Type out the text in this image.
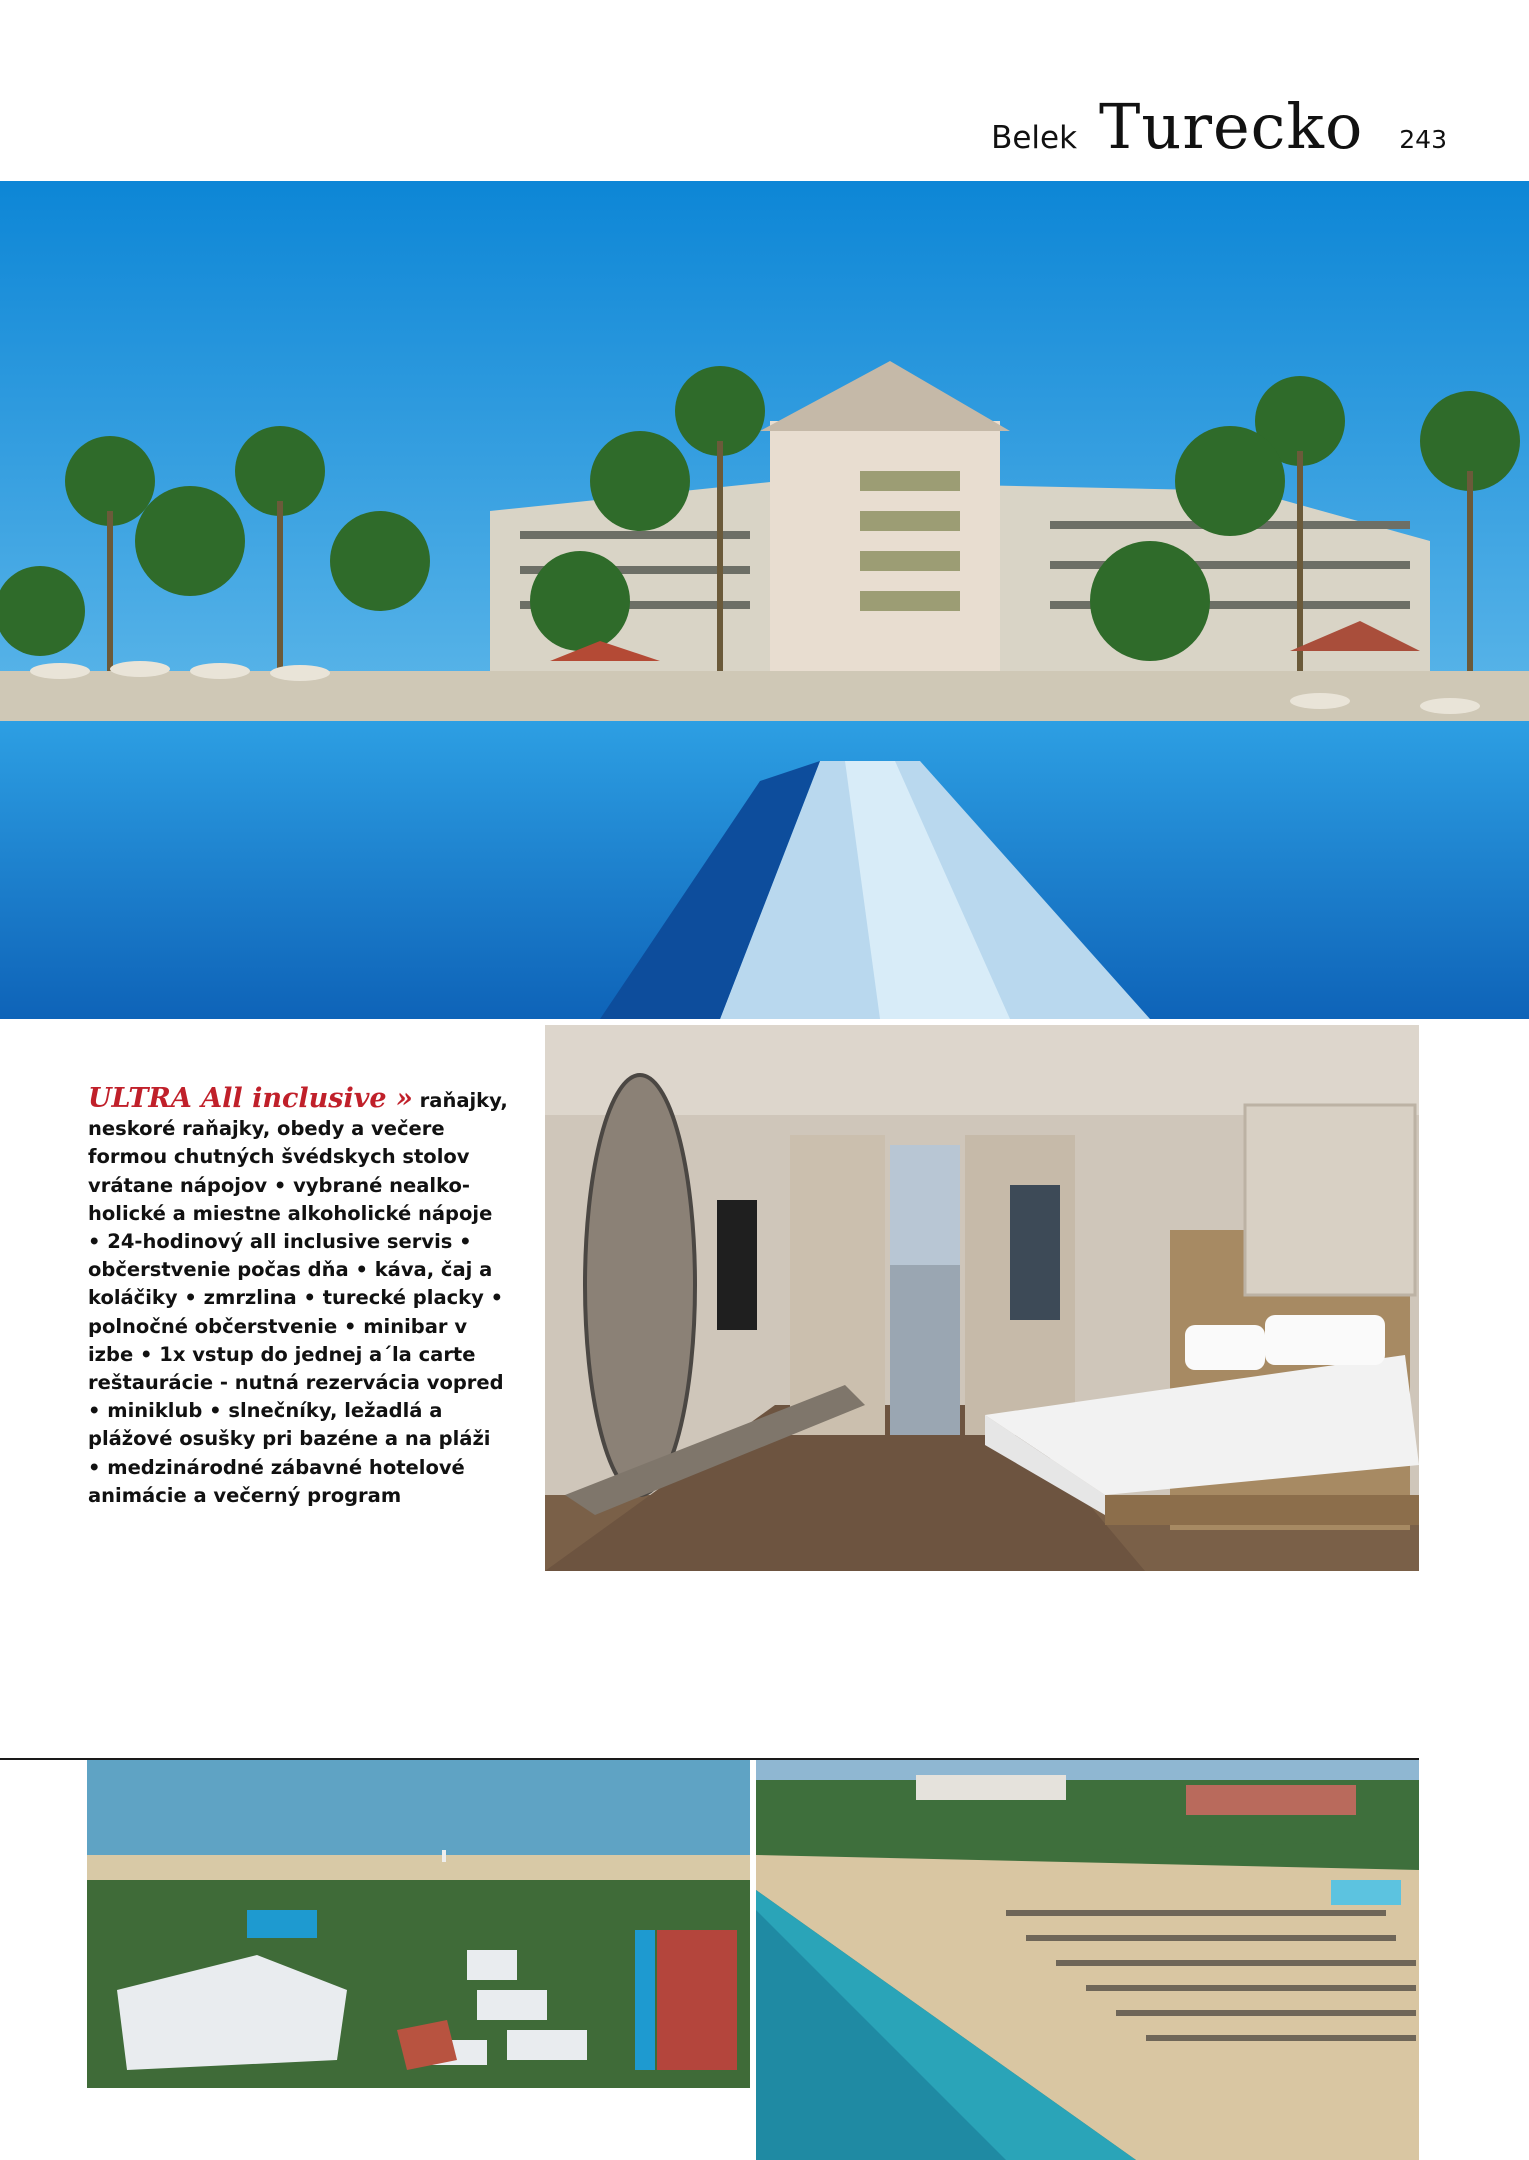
Belek Turecko 243
ULTRA All inclusive » raňajky, neskoré raňajky, obedy a večere formou chutných švédskych stolov vrátane nápojov • vybrané nealko-holické a miestne alkoholické nápoje • 24-hodinový all inclusive servis • občerstvenie počas dňa • káva, čaj a koláčiky • zmrzlina • turecké placky • polnočné občerstvenie • minibar v izbe • 1x vstup do jednej a´la carte reštaurácie - nutná rezervácia vopred • miniklub • slnečníky, ležadlá a plážové osušky pri bazéne a na pláži • medzinárodné zábavné hotelové animácie a večerný program
